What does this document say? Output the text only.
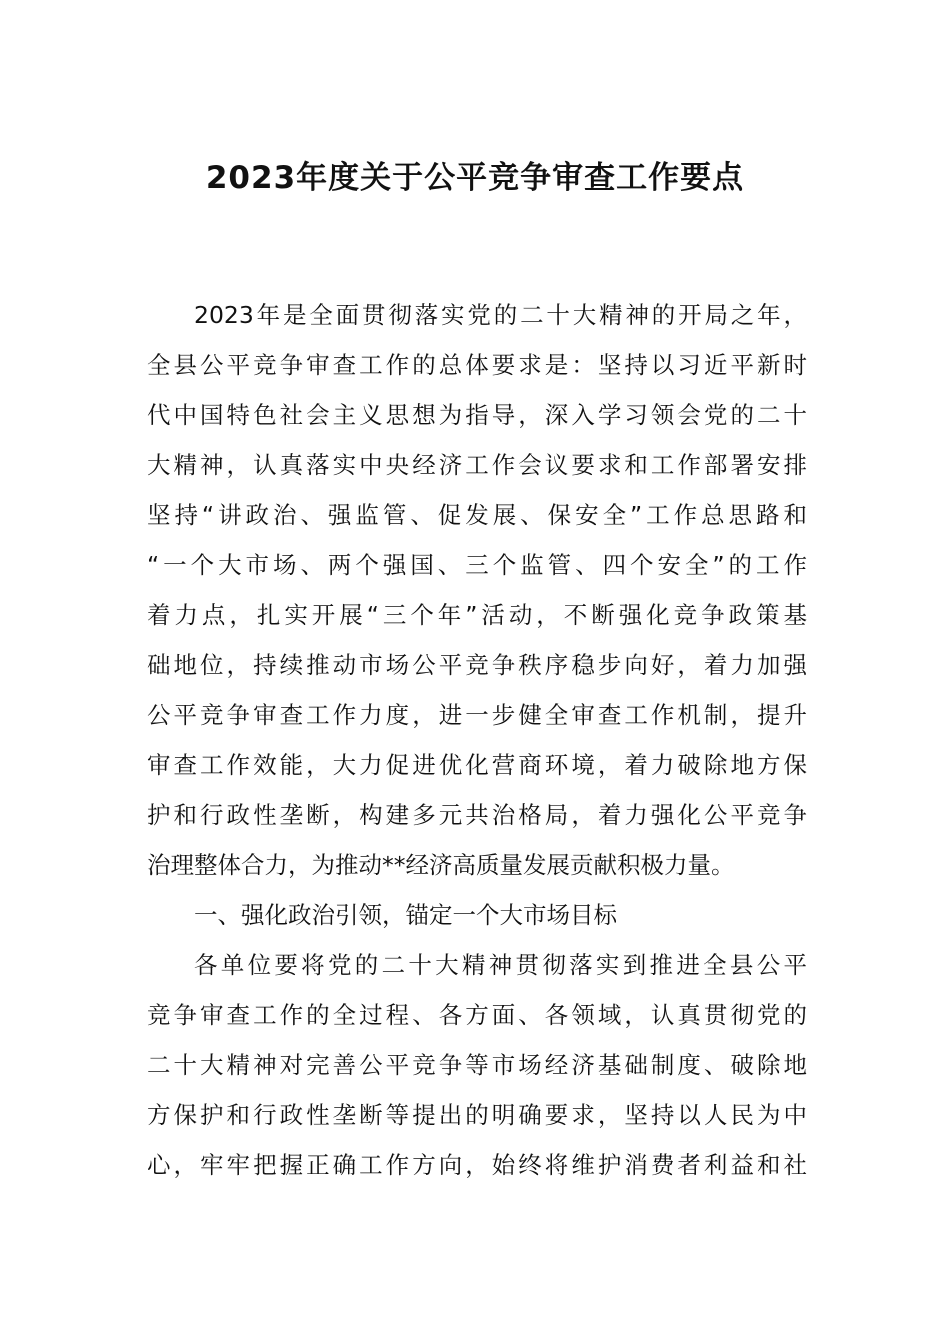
2023年度关于公平竞争审查工作要点
2023年是全面贯彻落实党的二十大精神的开局之年，
全县公平竞争审查工作的总体要求是：坚持以习近平新时
代中国特色社会主义思想为指导，深入学习领会党的二十
大精神，认真落实中央经济工作会议要求和工作部署安排
坚持“讲政治、强监管、促发展、保安全”工作总思路和
“一个大市场、两个强国、三个监管、四个安全”的工作
着力点，扎实开展“三个年”活动，不断强化竞争政策基
础地位，持续推动市场公平竞争秩序稳步向好，着力加强
公平竞争审查工作力度，进一步健全审查工作机制，提升
审查工作效能，大力促进优化营商环境，着力破除地方保
护和行政性垄断，构建多元共治格局，着力强化公平竞争
治理整体合力，为推动**经济高质量发展贡献积极力量。
一、强化政治引领，锚定一个大市场目标
各单位要将党的二十大精神贯彻落实到推进全县公平
竞争审查工作的全过程、各方面、各领域，认真贯彻党的
二十大精神对完善公平竞争等市场经济基础制度、破除地
方保护和行政性垄断等提出的明确要求，坚持以人民为中
心，牢牢把握正确工作方向，始终将维护消费者利益和社
